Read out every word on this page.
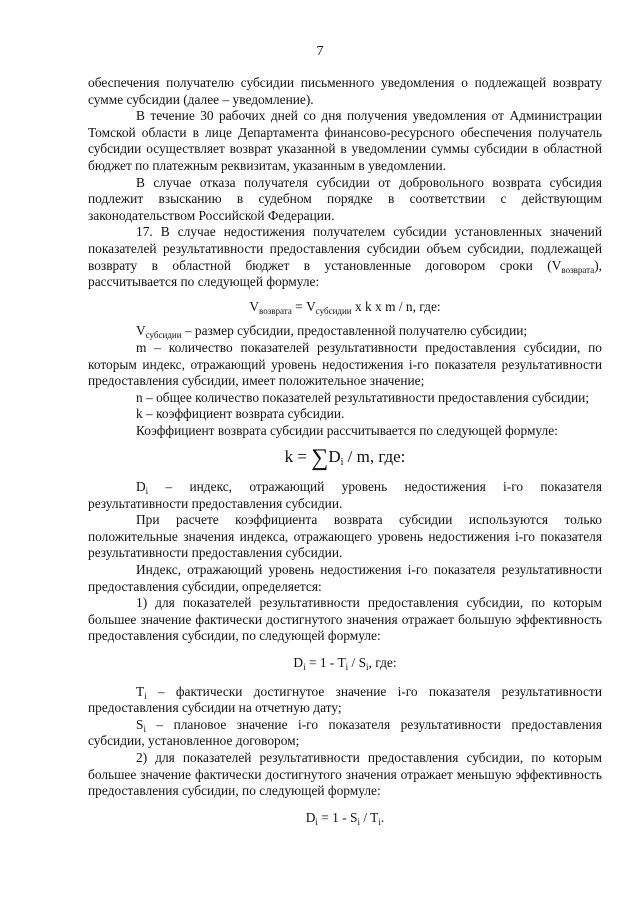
7

обеспечения получателю субсидии письменного уведомления о подлежащей возврату сумме субсидии (далее – уведомление).

В течение 30 рабочих дней со дня получения уведомления от Администрации Томской области в лице Департамента финансово-ресурсного обеспечения получатель субсидии осуществляет возврат указанной в уведомлении суммы субсидии в областной бюджет по платежным реквизитам, указанным в уведомлении.

В случае отказа получателя субсидии от добровольного возврата субсидия подлежит взысканию в судебном порядке в соответствии с действующим законодательством Российской Федерации.

17. В случае недостижения получателем субсидии установленных значений показателей результативности предоставления субсидии объем субсидии, подлежащей возврату в областной бюджет в установленные договором сроки $(V_{возврата})$, рассчитывается по следующей формуле:

$V_{возврата} = V_{субсидии}$ x k x m / n, где:

$V_{субсидии}$ – размер субсидии, предоставленной получателю субсидии;

m – количество показателей результативности предоставления субсидии, по которым индекс, отражающий уровень недостижения i-го показателя результативности предоставления субсидии, имеет положительное значение;

n – общее количество показателей результативности предоставления субсидии;

k – коэффициент возврата субсидии.

Коэффициент возврата субсидии рассчитывается по следующей формуле:

$k = \sum D_i / m$, где:

$D_i$ – индекс, отражающий уровень недостижения i-го показателя результативности предоставления субсидии.

При расчете коэффициента возврата субсидии используются только положительные значения индекса, отражающего уровень недостижения i-го показателя результативности предоставления субсидии.

Индекс, отражающий уровень недостижения i-го показателя результативности предоставления субсидии, определяется:

1) для показателей результативности предоставления субсидии, по которым большее значение фактически достигнутого значения отражает большую эффективность предоставления субсидии, по следующей формуле:

$D_i = 1 - T_i / S_i$, где:

$T_i$ – фактически достигнутое значение i-го показателя результативности предоставления субсидии на отчетную дату;

$S_i$ – плановое значение i-го показателя результативности предоставления субсидии, установленное договором;

2) для показателей результативности предоставления субсидии, по которым большее значение фактически достигнутого значения отражает меньшую эффективность предоставления субсидии, по следующей формуле:

$D_i = 1 - S_i / T_i$.
